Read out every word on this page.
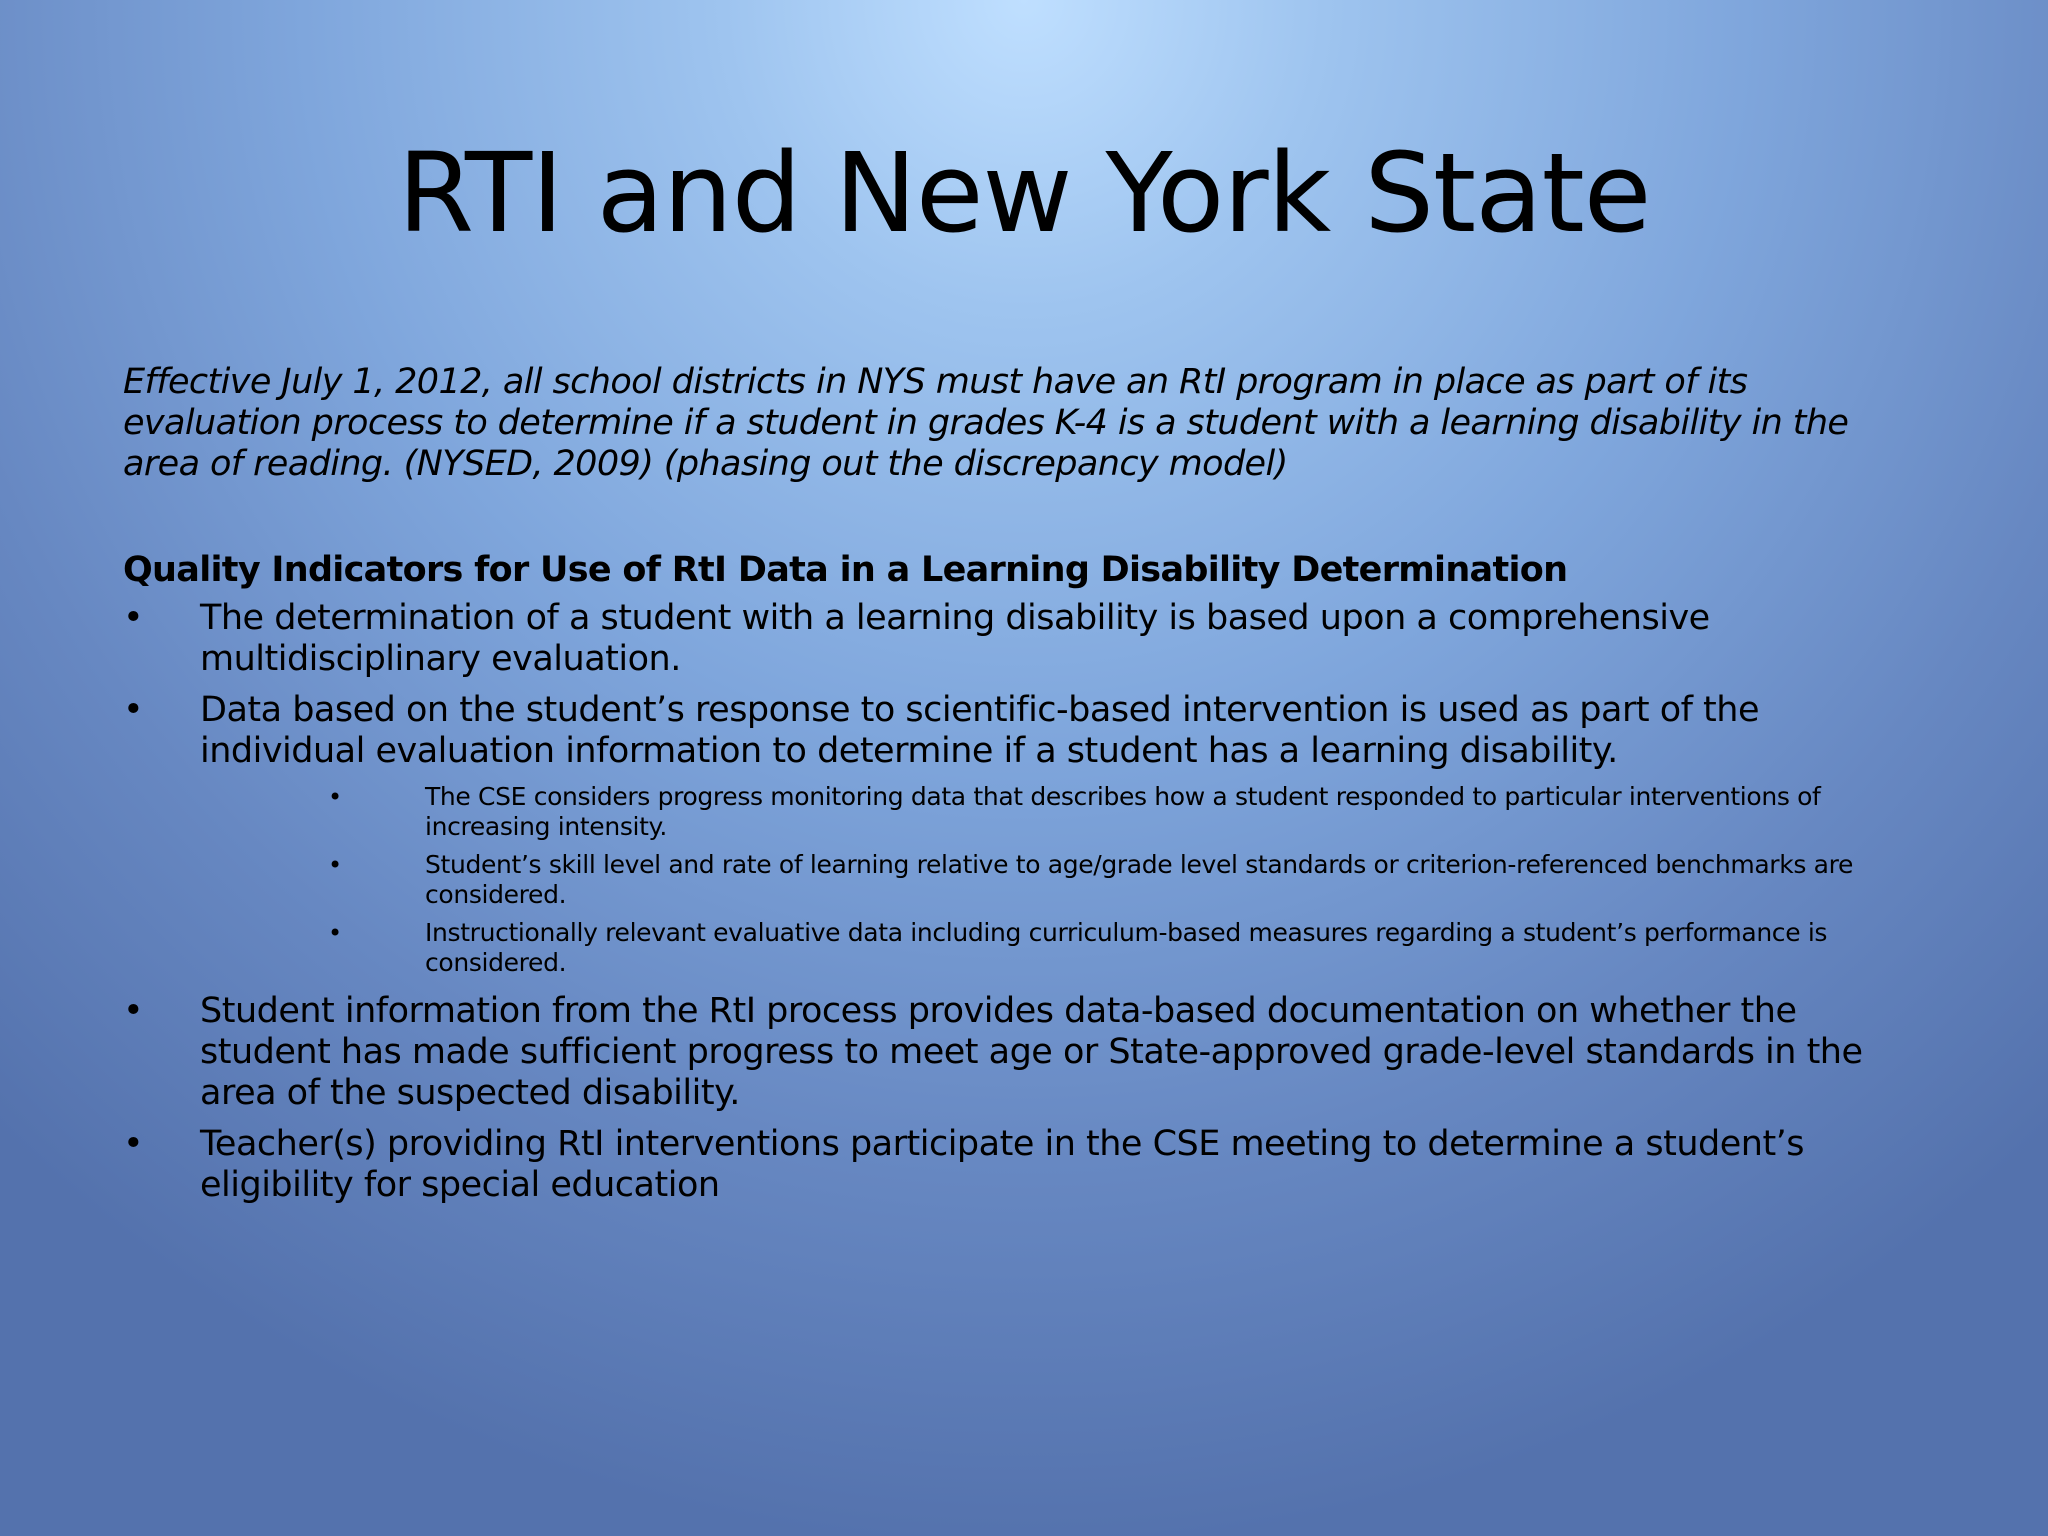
RTI and New York State

Effective July 1, 2012, all school districts in NYS must have an RtI program in place as part of its evaluation process to determine if a student in grades K-4 is a student with a learning disability in the area of reading. (NYSED, 2009) (phasing out the discrepancy model)

Quality Indicators for Use of RtI Data in a Learning Disability Determination

• The determination of a student with a learning disability is based upon a comprehensive multidisciplinary evaluation.
• Data based on the student’s response to scientific-based intervention is used as part of the individual evaluation information to determine if a student has a learning disability.
•	The CSE considers progress monitoring data that describes how a student responded to particular interventions of increasing intensity.
•	Student’s skill level and rate of learning relative to age/grade level standards or criterion-referenced benchmarks are considered.
•	Instructionally relevant evaluative data including curriculum-based measures regarding a student’s performance is considered.
• Student information from the RtI process provides data-based documentation on whether the student has made sufficient progress to meet age or State-approved grade-level standards in the area of the suspected disability.
• Teacher(s) providing RtI interventions participate in the CSE meeting to determine a student’s eligibility for special education
